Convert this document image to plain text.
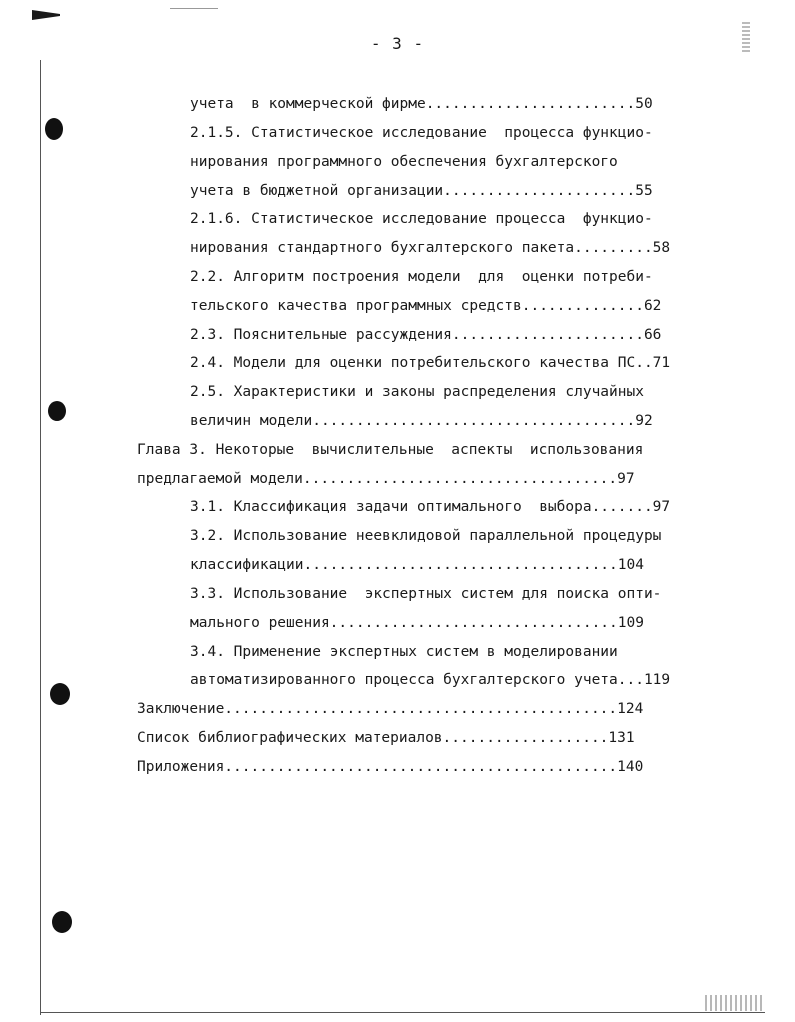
- 3 -
учета  в коммерческой фирме........................50
2.1.5. Статистическое исследование  процесса функцио-
нирования программного обеспечения бухгалтерского
учета в бюджетной организации......................55
2.1.6. Статистическое исследование процесса  функцио-
нирования стандартного бухгалтерского пакета.........58
2.2. Алгоритм построения модели  для  оценки потреби-
тельского качества программных средств..............62
2.3. Пояснительные рассуждения......................66
2.4. Модели для оценки потребительского качества ПС..71
2.5. Характеристики и законы распределения случайных
величин модели.....................................92
Глава 3. Некоторые  вычислительные  аспекты  использования
предлагаемой модели....................................97
3.1. Классификация задачи оптимального  выбора.......97
3.2. Использование неевклидовой параллельной процедуры
классификации....................................104
3.3. Использование  экспертных систем для поиска опти-
мального решения.................................109
3.4. Применение экспертных систем в моделировании
автоматизированного процесса бухгалтерского учета...119
Заключение.............................................124
Список библиографических материалов...................131
Приложения.............................................140
